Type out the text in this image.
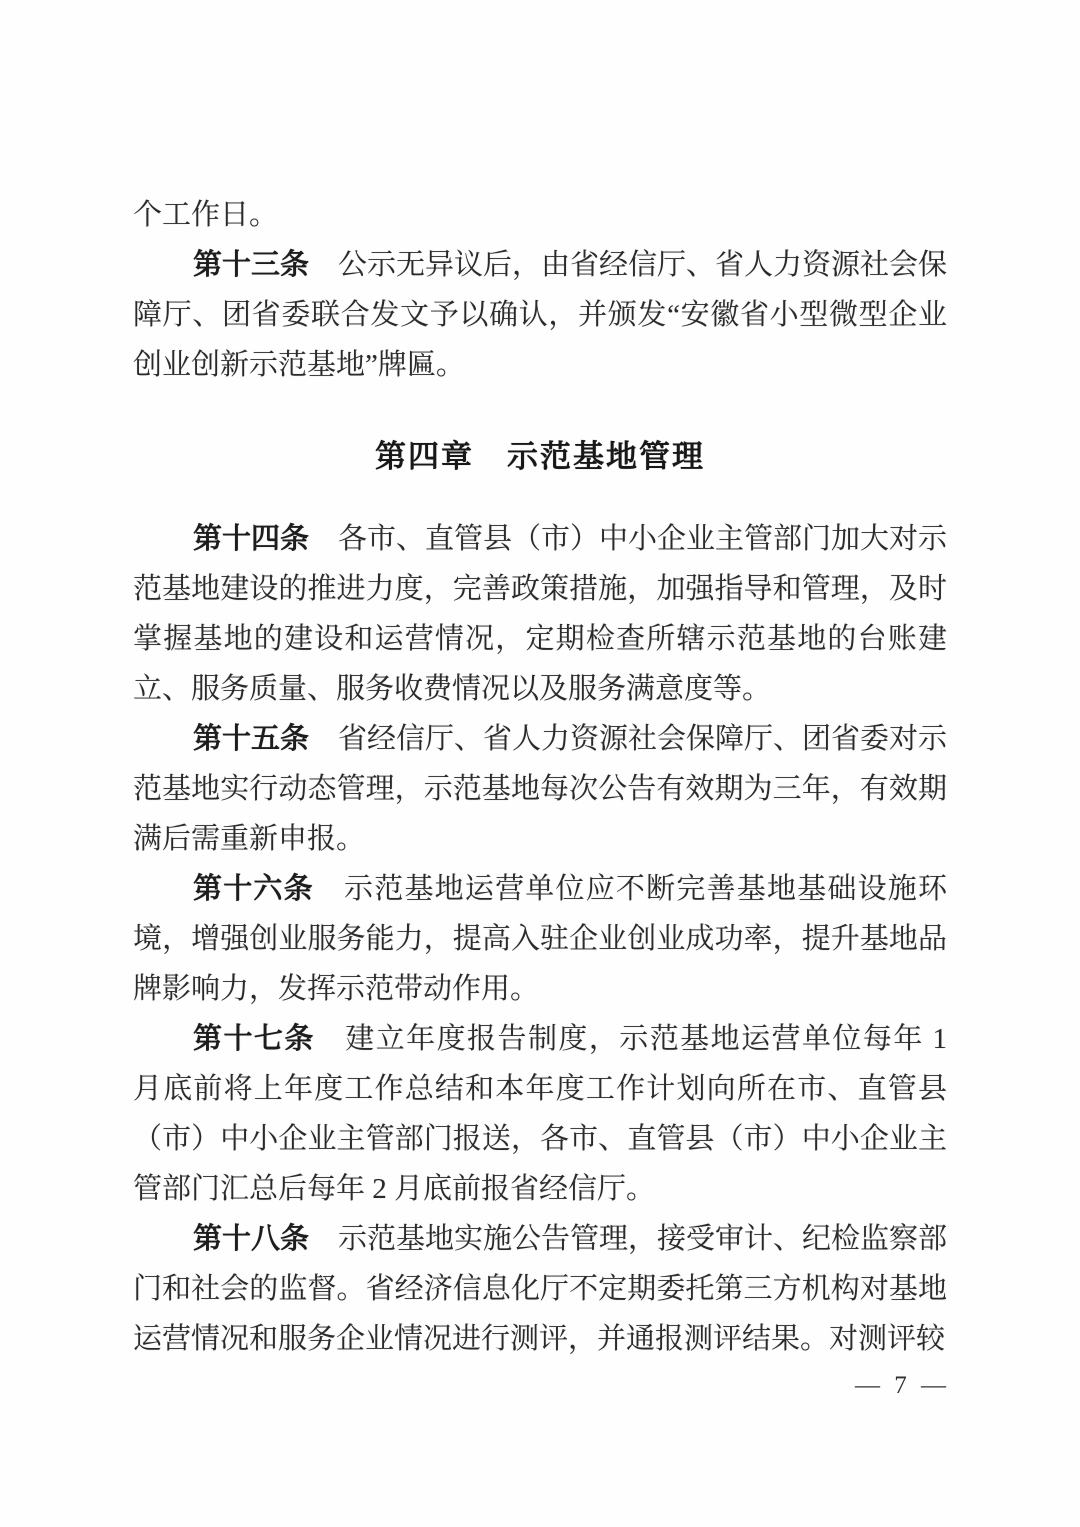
个工作日。
第十三条　公示无异议后，由省经信厅、省人力资源社会保
障厅、团省委联合发文予以确认，并颁发“安徽省小型微型企业
创业创新示范基地”牌匾。
第四章　示范基地管理
第十四条　各市、直管县（市）中小企业主管部门加大对示
范基地建设的推进力度，完善政策措施，加强指导和管理，及时
掌握基地的建设和运营情况，定期检查所辖示范基地的台账建
立、服务质量、服务收费情况以及服务满意度等。
第十五条　省经信厅、省人力资源社会保障厅、团省委对示
范基地实行动态管理，示范基地每次公告有效期为三年，有效期
满后需重新申报。
第十六条　示范基地运营单位应不断完善基地基础设施环
境，增强创业服务能力，提高入驻企业创业成功率，提升基地品
牌影响力，发挥示范带动作用。
第十七条　建立年度报告制度，示范基地运营单位每年 1
月底前将上年度工作总结和本年度工作计划向所在市、直管县
（市）中小企业主管部门报送，各市、直管县（市）中小企业主
管部门汇总后每年 2 月底前报省经信厅。
第十八条　示范基地实施公告管理，接受审计、纪检监察部
门和社会的监督。省经济信息化厅不定期委托第三方机构对基地
运营情况和服务企业情况进行测评，并通报测评结果。对测评较
— 7 —
